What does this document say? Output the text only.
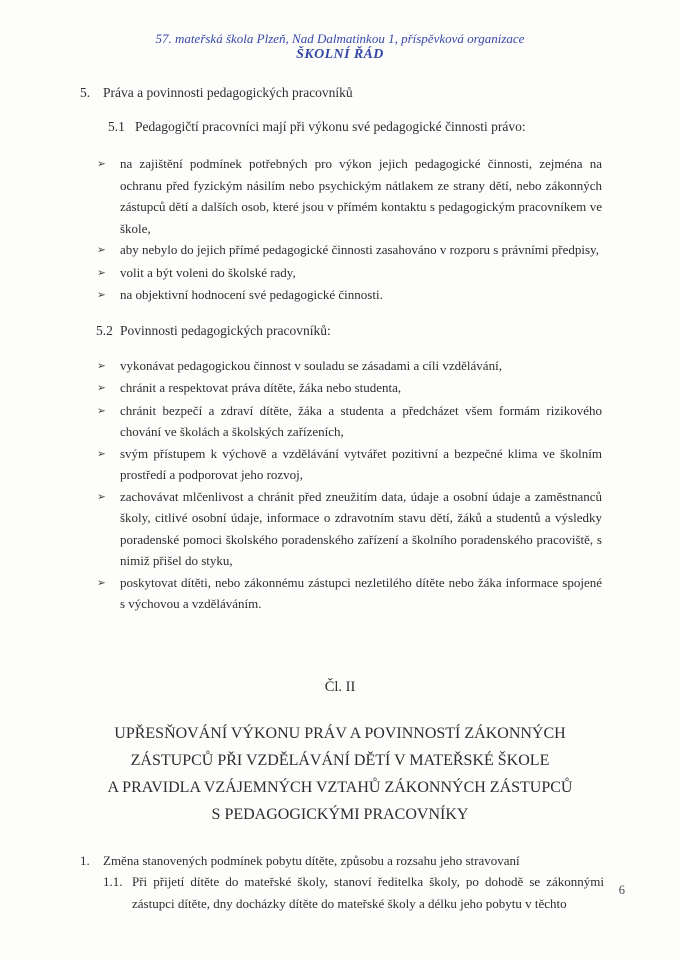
57. mateřská škola Plzeň, Nad Dalmatinkou 1, příspěvková organizace
ŠKOLNÍ ŘÁD
5. Práva a povinnosti pedagogických pracovníků
5.1 Pedagogičtí pracovníci mají při výkonu své pedagogické činnosti právo:
➢	na zajištění podmínek potřebných pro výkon jejich pedagogické činnosti, zejména na ochranu před fyzickým násilím nebo psychickým nátlakem ze strany dětí, nebo zákonných zástupců dětí a dalších osob, které jsou v přímém kontaktu s pedagogickým pracovníkem ve škole,
➢	aby nebylo do jejich přímé pedagogické činnosti zasahováno v rozporu s právními předpisy,
➢	volit a být voleni do školské rady,
➢	na objektivní hodnocení své pedagogické činnosti.
5.2 Povinnosti pedagogických pracovníků:
➢	vykonávat pedagogickou činnost v souladu se zásadami a cíli vzdělávání,
➢	chránit a respektovat práva dítěte, žáka nebo studenta,
➢	chránit bezpečí a zdraví dítěte, žáka a studenta a předcházet všem formám rizikového chování ve školách a školských zařízeních,
➢	svým přístupem k výchově a vzdělávání vytvářet pozitivní a bezpečné klima ve školním prostředí a podporovat jeho rozvoj,
➢	zachovávat mlčenlivost a chránit před zneužitím data, údaje a osobní údaje a zaměstnanců školy, citlivé osobní údaje, informace o zdravotním stavu dětí, žáků a studentů a výsledky poradenské pomoci školského poradenského zařízení a školního poradenského pracoviště, s nimiž přišel do styku,
➢	poskytovat dítěti, nebo zákonnému zástupci nezletilého dítěte nebo žáka informace spojené s výchovou a vzděláváním.
Čl. II
UPŘESŇOVÁNÍ VÝKONU PRÁV A POVINNOSTÍ ZÁKONNÝCH
ZÁSTUPCŮ PŘI VZDĚLÁVÁNÍ DĚTÍ V MATEŘSKÉ ŠKOLE
A PRAVIDLA VZÁJEMNÝCH VZTAHŮ ZÁKONNÝCH ZÁSTUPCŮ
S PEDAGOGICKÝMI PRACOVNÍKY
1.	Změna stanovených podmínek pobytu dítěte, způsobu a rozsahu jeho stravovaní
1.1. Při přijetí dítěte do mateřské školy, stanoví ředitelka školy, po dohodě se zákonnými zástupci dítěte, dny docházky dítěte do mateřské školy a délku jeho pobytu v těchto
6
